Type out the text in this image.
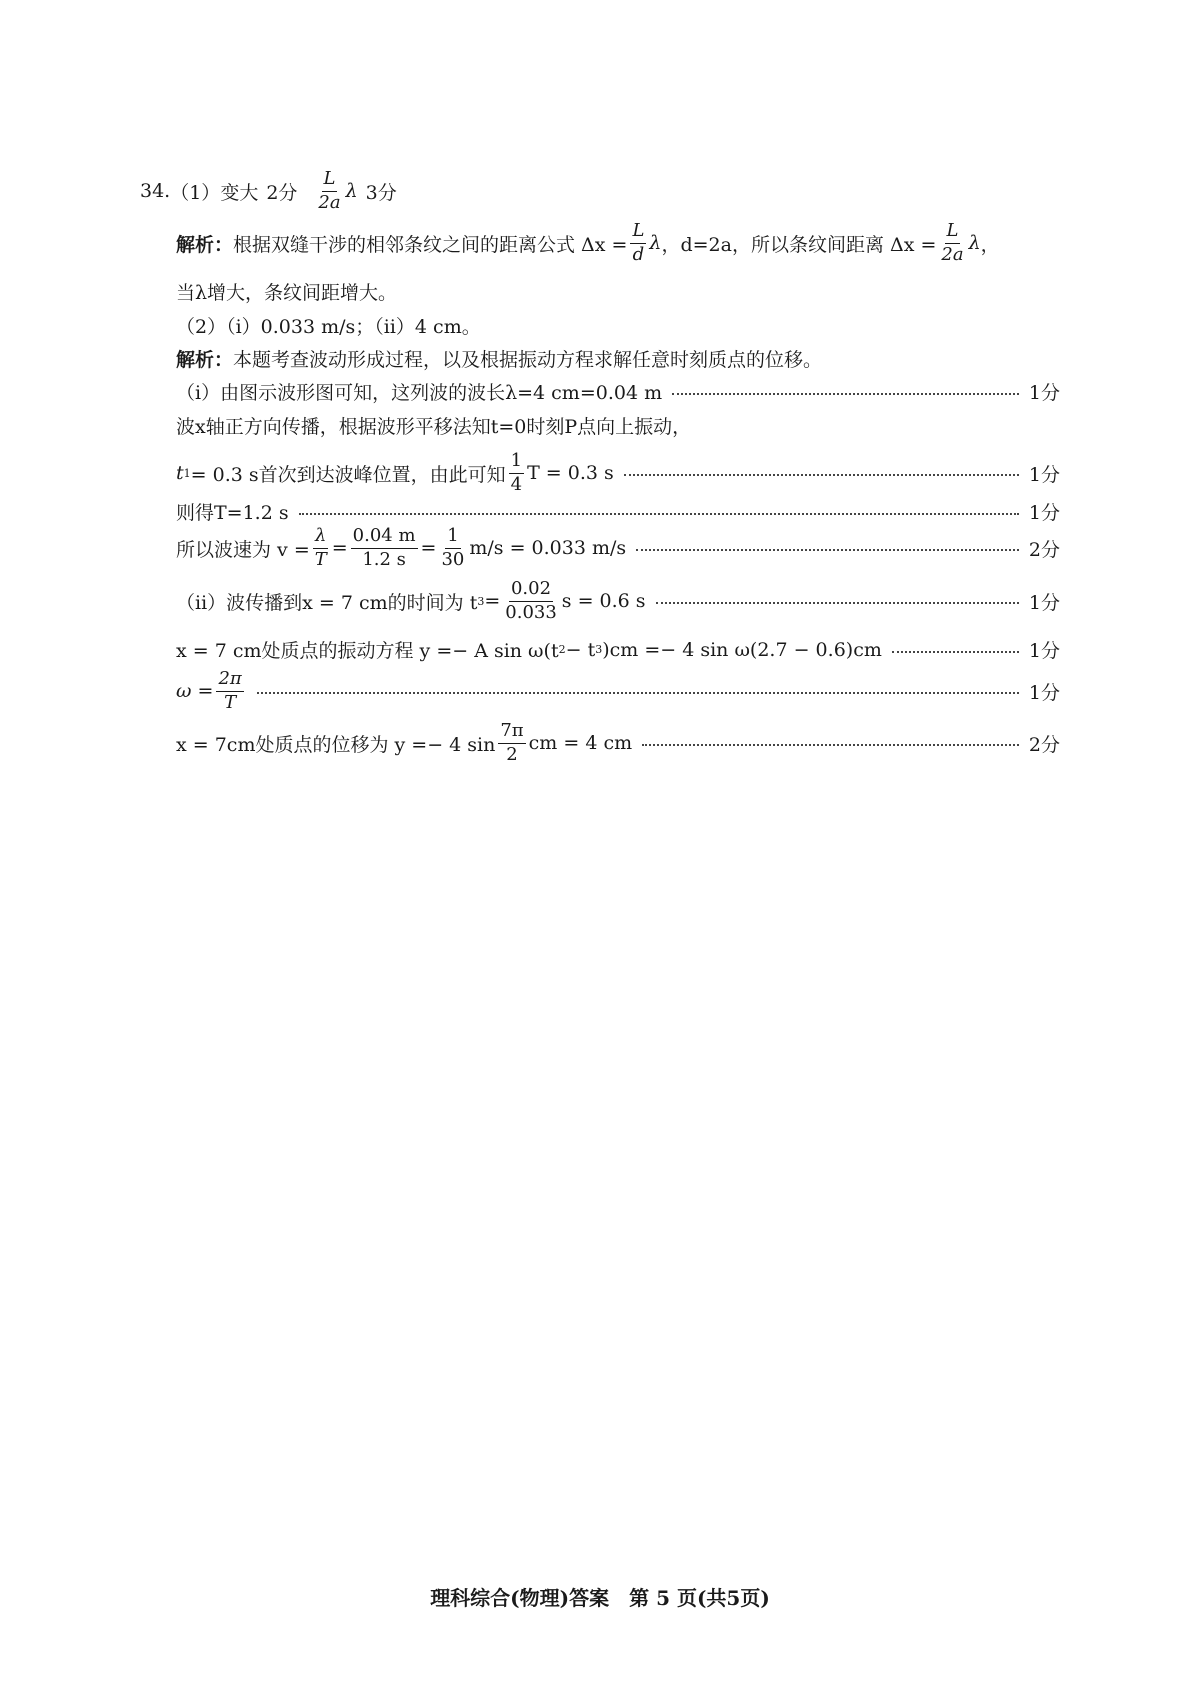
34. （1） 变大 2分 $\frac{L}{2a}$ λ 3分
解析： 根据双缝干涉的相邻条纹之间的距离公式 $\Delta x = \frac{L}{d}$ λ ，d=2a，所以条纹间距离 $\Delta x = \frac{L}{2a}$ λ ，
当λ增大，条纹间距增大。
（2）（ⅰ）0.033 m/s；（ⅱ）4 cm。
解析： 本题考查波动形成过程，以及根据振动方程求解任意时刻质点的位移。
（ⅰ）由图示波形图可知，这列波的波长λ=4 cm=0.04 m	1分
波x轴正方向传播，根据波形平移法知t=0时刻P点向上振动，
t 1 = 0.3 s首次到达波峰位置，由此可知 $\frac{1}{4}$ T = 0.3 s	1分
则得T=1.2 s	1分
所以波速为 $v = \frac{\lambda}{T} = \frac{0.04 m}{1.2 s} = \frac{1}{30} m/s = 0.033$ m/s	2分
（ⅱ）波传播到x = 7 cm的时间为 t $3 = \frac{0.02}{0.033}$ s = 0.6 s	1分
x = 7 cm处质点的振动方程 y =− A sin ω(t 2 − t 3 )cm =− 4 sin ω(2.7 − 0.6)cm	1分
$\omega = \frac{2\pi}{T}$	1分
x = 7cm处质点的位移为 y =− 4 $\sin \frac{7\pi}{2}$ cm = 4 cm	2分
理科综合(物理)答案　第 5 页(共5页)
